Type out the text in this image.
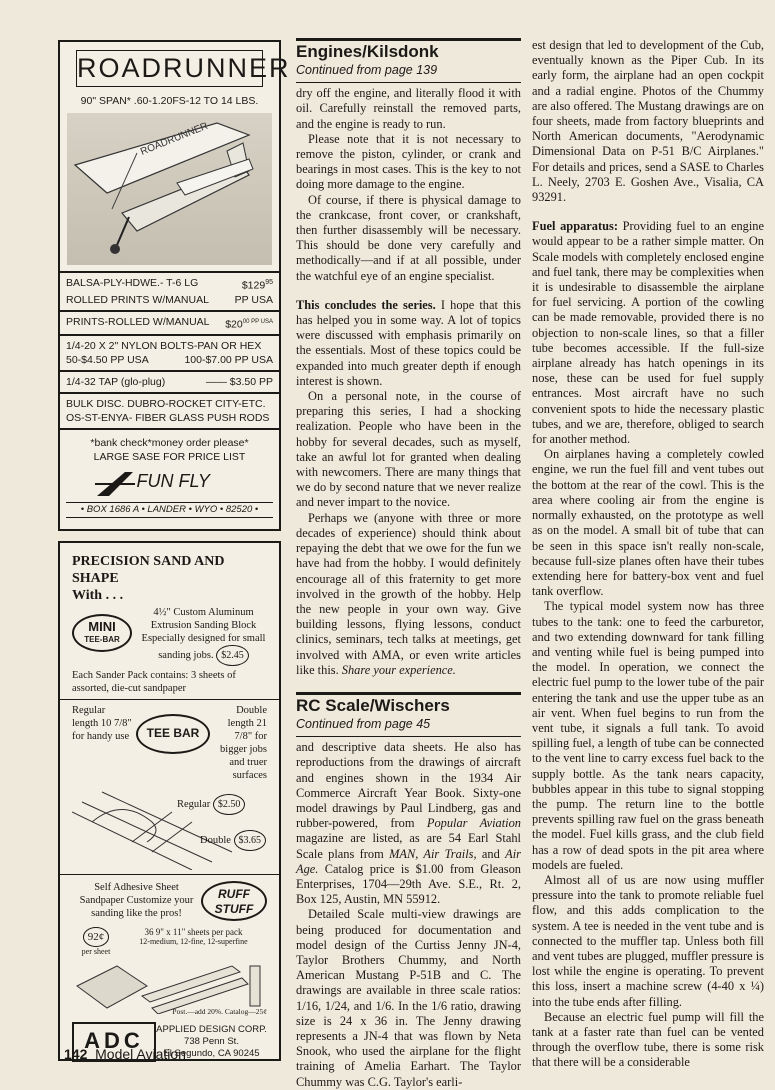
ROADRUNNER
90" SPAN* .60-1.20FS-12 TO 14 LBS.
ROADRUNNER
BALSA-PLY-HDWE.- T-6 LG	$\$129^{95}$
ROLLED PRINTS W/MANUAL PP USA
PRINTS-ROLLED W/MANUAL $\$20^{00 PP USA}$
1/4-20 X 2" NYLON BOLTS-PAN OR HEX
50-$4.50 PP USA	100-$7.00 PP USA
1/4-32 TAP (glo-plug)	—— $3.50 PP
BULK DISC. DUBRO-ROCKET CITY-ETC.
OS-ST-ENYA- FIBER GLASS PUSH RODS
*bank check*money order please*
LARGE SASE FOR PRICE LIST
FUN FLY
• BOX 1686 A • LANDER • WYO • 82520 •
PRECISION SAND AND SHAPE
With . . .
MINI
TEE-BAR
4½" Custom Aluminum Extrusion Sanding Block Especially designed for small sanding jobs. $2.45
Each Sander Pack contains: 3 sheets of assorted, die-cut sandpaper
Regular length 10 7/8" for handy use	TEE BAR
Double length 21 7/8" for bigger jobs and truer surfaces
Regular $2.50
Double $3.65
Self Adhesive Sheet Sandpaper Customize your sanding like the pros!
RUFF STUFF
92¢
per sheet
36 9" x 11" sheets per pack
12-medium, 12-fine, 12-superfine
Post.—add 20%. Catalog—25¢
ADC	APPLIED DESIGN CORP.
738 Penn St.
El Segundo, CA 90245
Engines/Kilsdonk
Continued from page 139

dry off the engine, and literally flood it with oil. Carefully reinstall the removed parts, and the engine is ready to run.

Please note that it is not necessary to remove the piston, cylinder, or crank and bearings in most cases. This is the key to not doing more damage to the engine.

Of course, if there is physical damage to the crankcase, front cover, or crankshaft, then further disassembly will be necessary. This should be done very carefully and methodically—and if at all possible, under the watchful eye of an engine specialist.

This concludes the series. I hope that this has helped you in some way. A lot of topics were discussed with emphasis primarily on the essentials. Most of these topics could be expanded into much greater depth if enough interest is shown.

On a personal note, in the course of preparing this series, I had a shocking realization. People who have been in the hobby for several decades, such as myself, take an awful lot for granted when dealing with newcomers. There are many things that we do by second nature that we never realize and never impart to the novice.

Perhaps we (anyone with three or more decades of experience) should think about repaying the debt that we owe for the fun we have had from the hobby. I would definitely encourage all of this fraternity to get more involved in the growth of the hobby. Help the new people in your own way. Give building lessons, flying lessons, conduct clinics, seminars, tech talks at meetings, get involved with AMA, or even write articles like this. Share your experience.

RC Scale/Wischers
Continued from page 45

and descriptive data sheets. He also has reproductions from the drawings of aircraft and engines shown in the 1934 Air Commerce Aircraft Year Book. Sixty-one model drawings by Paul Lindberg, gas and rubber-powered, from Popular Aviation magazine are listed, as are 54 Earl Stahl Scale plans from MAN, Air Trails, and Air Age. Catalog price is $1.00 from Gleason Enterprises, 1704—29th Ave. S.E., Rt. 2, Box 125, Austin, MN 55912.

Detailed Scale multi-view drawings are being produced for documentation and model design of the Curtiss Jenny JN-4, Taylor Brothers Chummy, and North American Mustang P-51B and C. The drawings are available in three scale ratios: 1/16, 1/24, and 1/6. In the 1/6 ratio, drawing size is 24 x 36 in. The Jenny drawing represents a JN-4 that was flown by Neta Snook, who used the airplane for the flight training of Amelia Earhart. The Taylor Chummy was C.G. Taylor's earli-

est design that led to development of the Cub, eventually known as the Piper Cub. In its early form, the airplane had an open cockpit and a radial engine. Photos of the Chummy are also offered. The Mustang drawings are on four sheets, made from factory blueprints and North American documents, "Aerodynamic Dimensional Data on P-51 B/C Airplanes." For details and prices, send a SASE to Charles L. Neely, 2703 E. Goshen Ave., Visalia, CA 93291.

Fuel apparatus: Providing fuel to an engine would appear to be a rather simple matter. On Scale models with completely enclosed engine and fuel tank, there may be complexities when it is undesirable to disassemble the airplane for fuel servicing. A portion of the cowling can be made removable, provided there is no objection to non-scale lines, so that a filler tube becomes accessible. If the full-size airplane already has hatch openings in its nose, these can be used for fuel supply entrances. Most aircraft have no such convenient spots to hide the necessary plastic tubes, and we are, therefore, obliged to search for another method.

On airplanes having a completely cowled engine, we run the fuel fill and vent tubes out the bottom at the rear of the cowl. This is the area where cooling air from the engine is normally exhausted, on the prototype as well as on the model. A small bit of tube that can be seen in this space isn't really non-scale, because full-size planes often have their tubes extending here for battery-box vent and fuel tank overflow.

The typical model system now has three tubes to the tank: one to feed the carburetor, and two extending downward for tank filling and venting while fuel is being pumped into the model. In operation, we connect the electric fuel pump to the lower tube of the pair entering the tank and use the upper tube as an air vent. When fuel begins to run from the vent tube, it signals a full tank. To avoid spilling fuel, a length of tube can be connected to the vent line to carry excess fuel back to the supply bottle. As the tank nears capacity, bubbles appear in this tube to signal stopping the pump. The return line to the bottle prevents spilling raw fuel on the grass beneath the model. Fuel kills grass, and the club field has a row of dead spots in the pit area where models are fueled.

Almost all of us are now using muffler pressure into the tank to promote reliable fuel flow, and this adds complication to the system. A tee is needed in the vent tube and is connected to the muffler tap. Unless both fill and vent tubes are plugged, muffler pressure is lost while the engine is operating. To prevent this loss, insert a machine screw (4-40 x ¼) into the tube ends after filling.

Because an electric fuel pump will fill the tank at a faster rate than fuel can be vented through the overflow tube, there is some risk that there will be a considerable

142 Model Aviation
